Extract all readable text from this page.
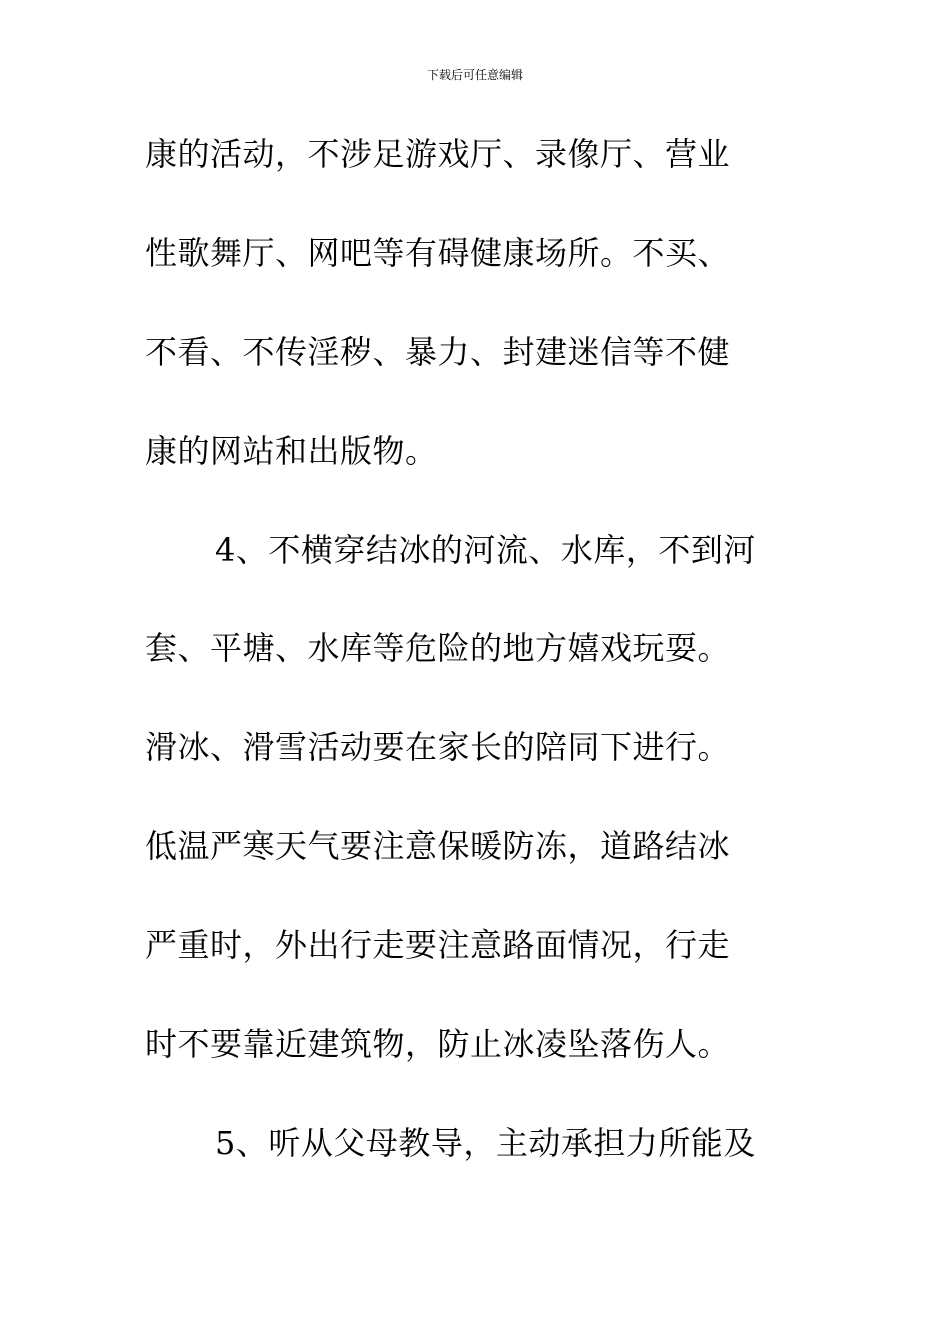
下载后可任意编辑
康的活动，不涉足游戏厅、录像厅、营业
性歌舞厅、网吧等有碍健康场所。不买、
不看、不传淫秽、暴力、封建迷信等不健
康的网站和出版物。
4、不横穿结冰的河流、水库，不到河
套、平塘、水库等危险的地方嬉戏玩耍。
滑冰、滑雪活动要在家长的陪同下进行。
低温严寒天气要注意保暖防冻，道路结冰
严重时，外出行走要注意路面情况，行走
时不要靠近建筑物，防止冰凌坠落伤人。
5、听从父母教导，主动承担力所能及
